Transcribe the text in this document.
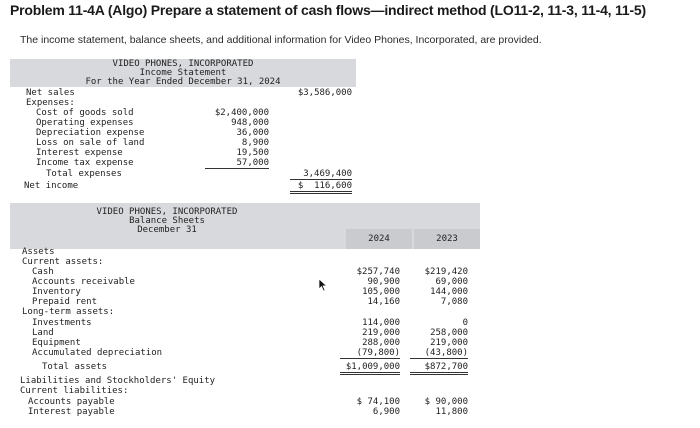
Problem 11-4A (Algo) Prepare a statement of cash flows—indirect method (LO11-2, 11-3, 11-4, 11-5)
The income statement, balance sheets, and additional information for Video Phones, Incorporated, are provided.
VIDEO PHONES, INCORPORATED
Income Statement
For the Year Ended December 31, 2024
Net sales	$3,586,000
Expenses:
Cost of goods sold	$2,400,000
Operating expenses	948,000
Depreciation expense	36,000
Loss on sale of land	8,900
Interest expense	19,500
Income tax expense	57,000
Total expenses	3,469,400
Net income	$  116,600
VIDEO PHONES, INCORPORATED
Balance Sheets
December 31
2024	2023
Assets
Current assets:
Cash	$257,740	$219,420
Accounts receivable	90,900	69,000
Inventory	105,000	144,000
Prepaid rent	14,160	7,080
Long-term assets:
Investments	114,000	0
Land	219,000	258,000
Equipment	288,000	219,000
Accumulated depreciation	(79,800)	(43,800)
Total assets	$1,009,000	$872,700
Liabilities and Stockholders' Equity
Current liabilities:
Accounts payable	$ 74,100	$ 90,000
Interest payable	6,900	11,800
